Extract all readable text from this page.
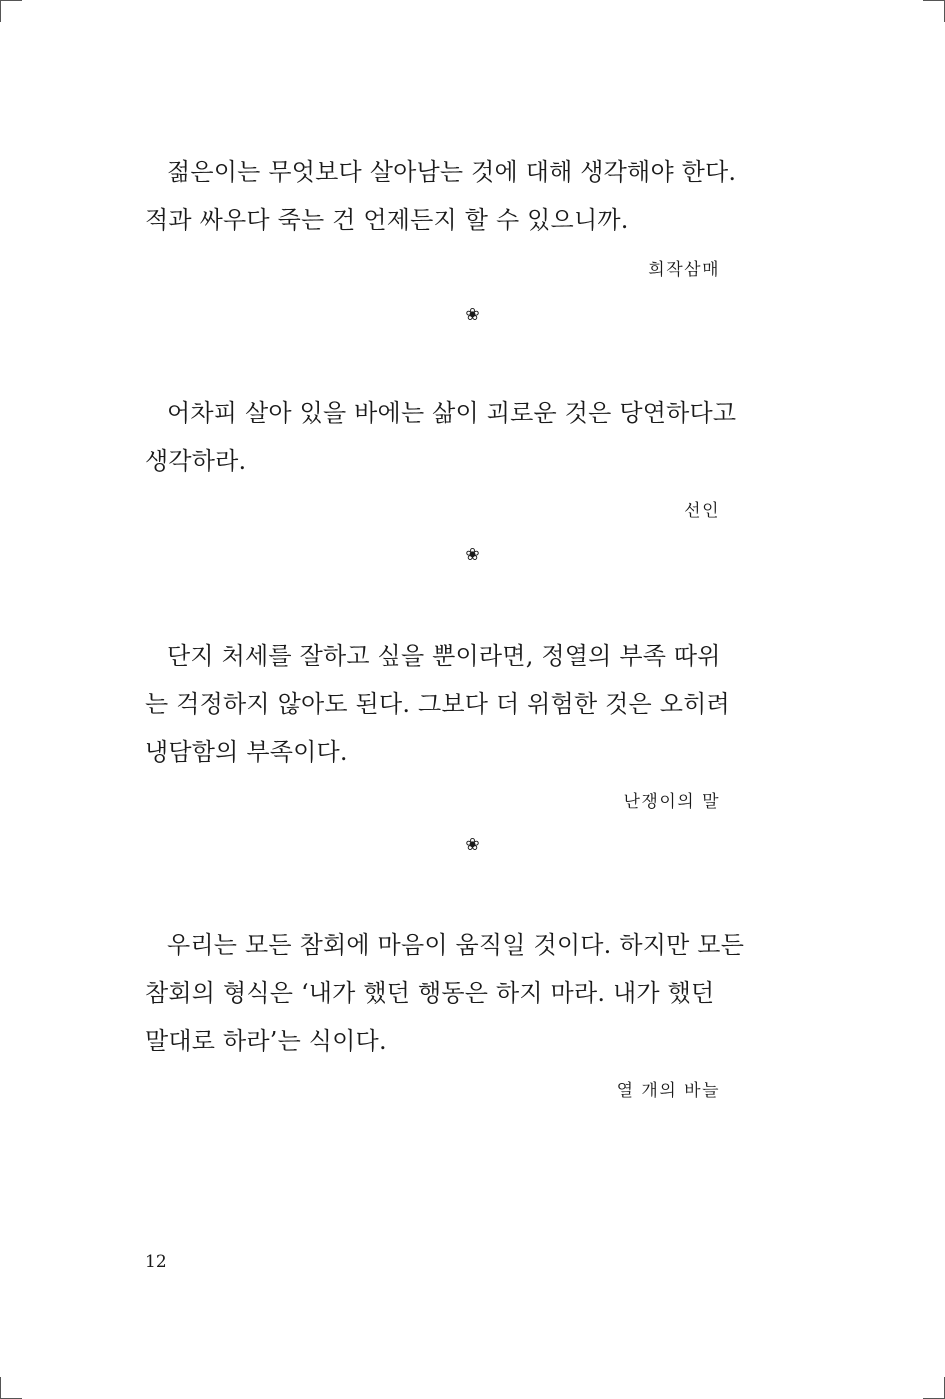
젊은이는 무엇보다 살아남는 것에 대해 생각해야 한다.
적과 싸우다 죽는 건 언제든지 할 수 있으니까.

희작삼매
❀

어차피 살아 있을 바에는 삶이 괴로운 것은 당연하다고
생각하라.

선인
❀

단지 처세를 잘하고 싶을 뿐이라면, 정열의 부족 따위
는 걱정하지 않아도 된다. 그보다 더 위험한 것은 오히려
냉담함의 부족이다.

난쟁이의 말
❀

우리는 모든 참회에 마음이 움직일 것이다. 하지만 모든
참회의 형식은 ‘내가 했던 행동은 하지 마라. 내가 했던
말대로 하라’는 식이다.

열 개의 바늘
12
